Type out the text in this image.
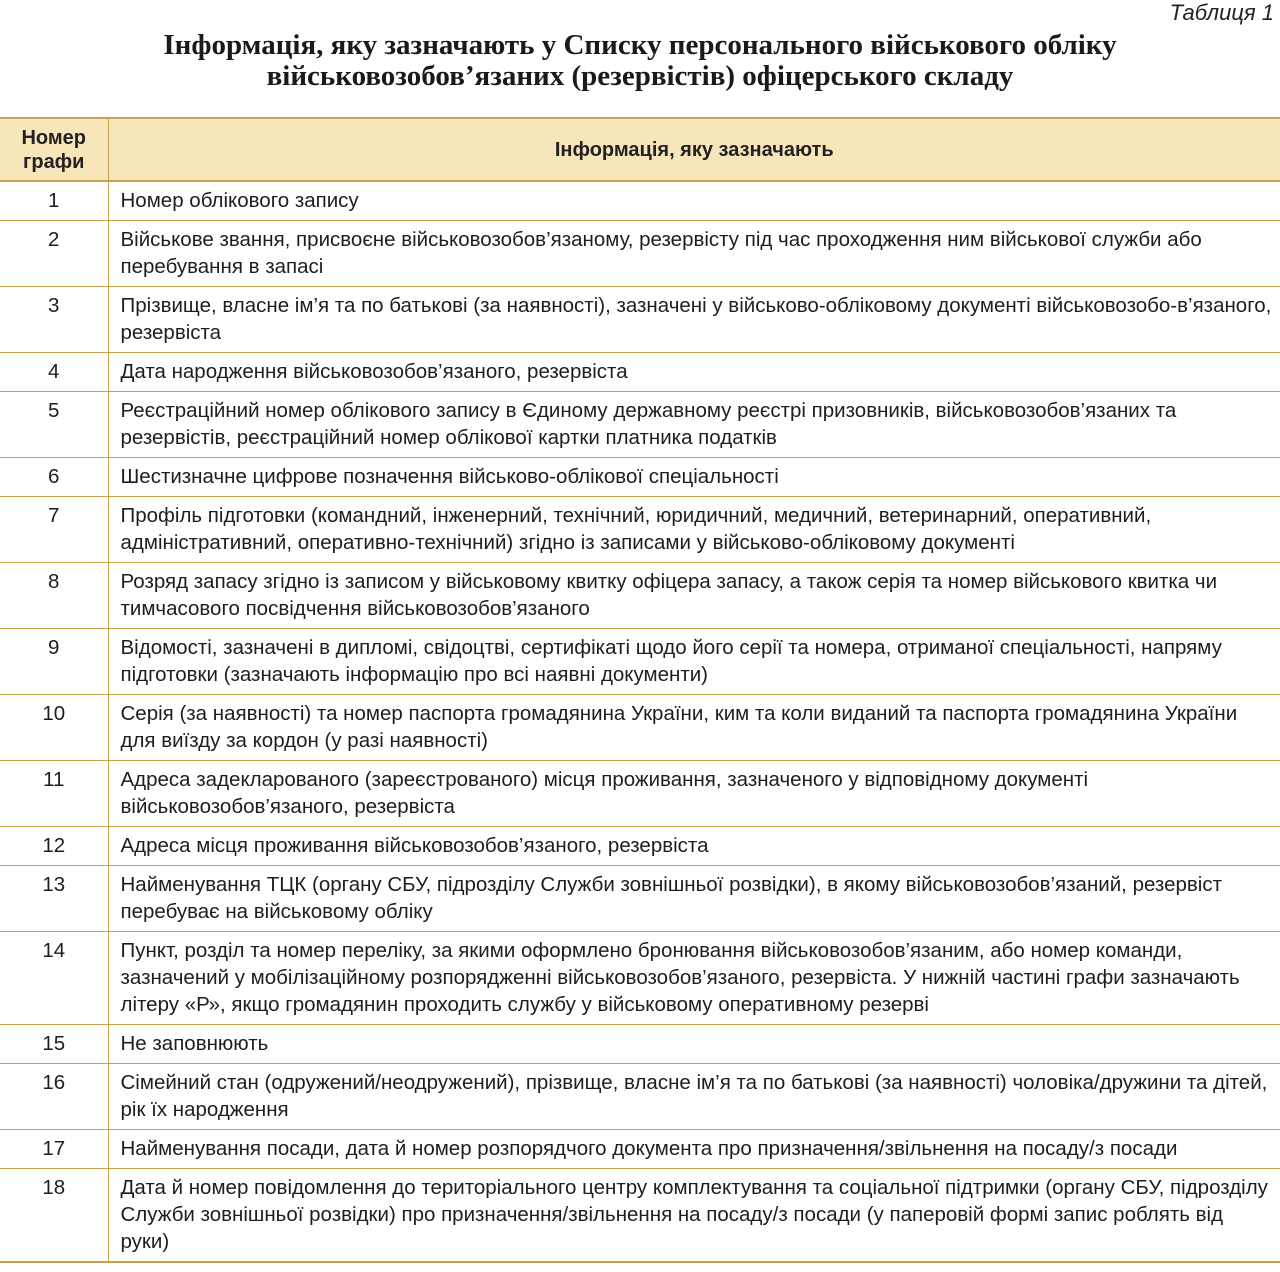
Таблиця 1
Інформація, яку зазначають у Списку персонального військового обліку
військовозобов’язаних (резервістів) офіцерського складу
Номер графи	Інформація, яку зазначають
1	Номер облікового запису
2	Військове звання, присвоєне військовозобов’язаному, резервісту під час проходження ним військової служби або перебування в запасі
3	Прізвище, власне ім’я та по батькові (за наявності), зазначені у військово-обліковому документі військовозобо-в’язаного, резервіста
4	Дата народження військовозобов’язаного, резервіста
5	Реєстраційний номер облікового запису в Єдиному державному реєстрі призовників, військовозобов’язаних та резервістів, реєстраційний номер облікової картки платника податків
6	Шестизначне цифрове позначення військово-облікової спеціальності
7	Профіль підготовки (командний, інженерний, технічний, юридичний, медичний, ветеринарний, оперативний, адміністративний, оперативно-технічний) згідно із записами у військово-обліковому документі
8	Розряд запасу згідно із записом у військовому квитку офіцера запасу, а також серія та номер військового квитка чи тимчасового посвідчення військовозобов’язаного
9	Відомості, зазначені в дипломі, свідоцтві, сертифікаті щодо його серії та номера, отриманої спеціальності, напряму підготовки (зазначають інформацію про всі наявні документи)
10	Серія (за наявності) та номер паспорта громадянина України, ким та коли виданий та паспорта громадянина України для виїзду за кордон (у разі наявності)
11	Адреса задекларованого (зареєстрованого) місця проживання, зазначеного у відповідному документі військовозобов’язаного, резервіста
12	Адреса місця проживання військовозобов’язаного, резервіста
13	Найменування ТЦК (органу СБУ, підрозділу Служби зовнішньої розвідки), в якому військовозобов’язаний, резервіст перебуває на військовому обліку
14	Пункт, розділ та номер переліку, за якими оформлено бронювання військовозобов’язаним, або номер команди, зазначений у мобілізаційному розпорядженні військовозобов’язаного, резервіста. У нижній частині графи зазначають літеру «Р», якщо громадянин проходить службу у військовому оперативному резерві
15	Не заповнюють
16	Сімейний стан (одружений/неодружений), прізвище, власне ім’я та по батькові (за наявності) чоловіка/дружини та дітей, рік їх народження
17	Найменування посади, дата й номер розпорядчого документа про призначення/звільнення на посаду/з посади
18	Дата й номер повідомлення до територіального центру комплектування та соціальної підтримки (органу СБУ, підрозділу Служби зовнішньої розвідки) про призначення/звільнення на посаду/з посади (у паперовій формі запис роблять від руки)
